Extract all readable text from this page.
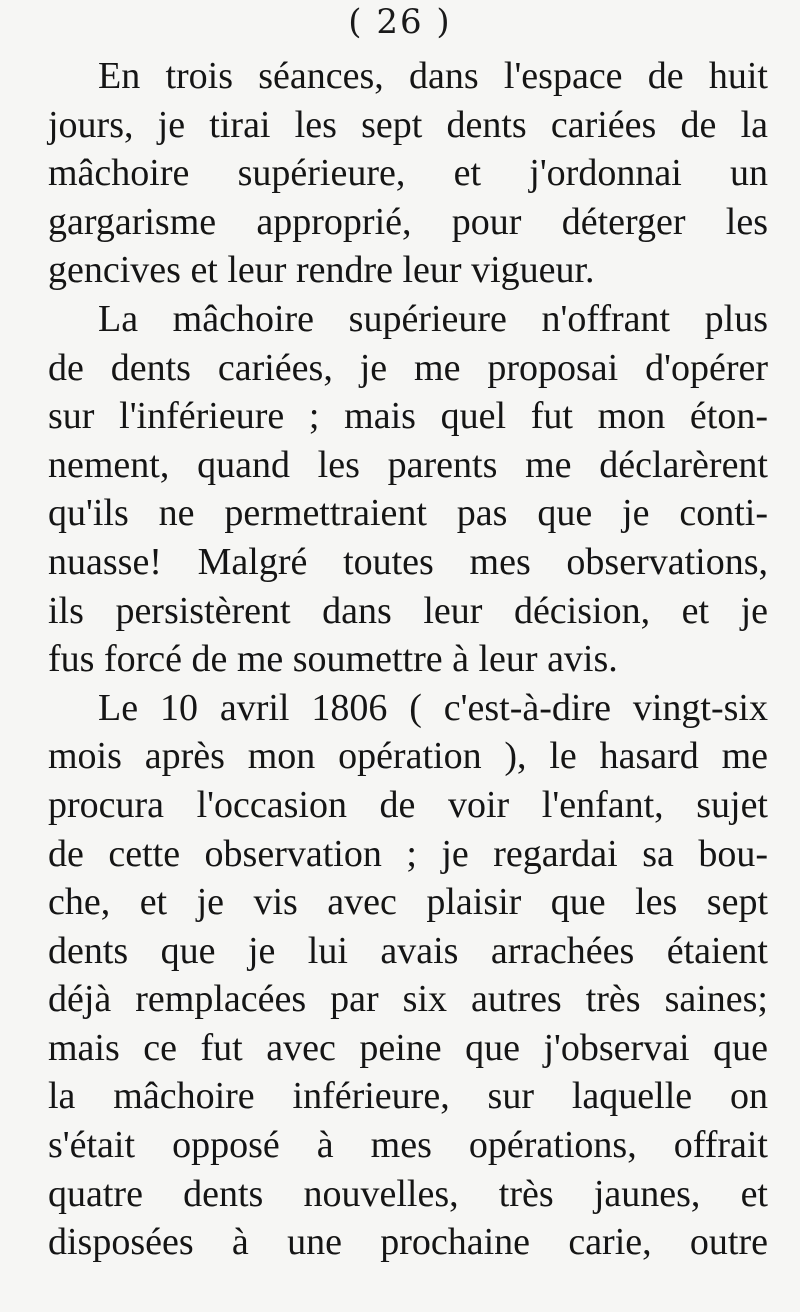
( 26 )
En trois séances, dans l'espace de huit
jours, je tirai les sept dents cariées de la
mâchoire supérieure, et j'ordonnai un
gargarisme approprié, pour déterger les
gencives et leur rendre leur vigueur.
La mâchoire supérieure n'offrant plus
de dents cariées, je me proposai d'opérer
sur l'inférieure ; mais quel fut mon éton-
nement, quand les parents me déclarèrent
qu'ils ne permettraient pas que je conti-
nuasse! Malgré toutes mes observations,
ils persistèrent dans leur décision, et je
fus forcé de me soumettre à leur avis.
Le 10 avril 1806 ( c'est-à-dire vingt-six
mois après mon opération ), le hasard me
procura l'occasion de voir l'enfant, sujet
de cette observation ; je regardai sa bou-
che, et je vis avec plaisir que les sept
dents que je lui avais arrachées étaient
déjà remplacées par six autres très saines;
mais ce fut avec peine que j'observai que
la mâchoire inférieure, sur laquelle on
s'était opposé à mes opérations, offrait
quatre dents nouvelles, très jaunes, et
disposées à une prochaine carie, outre
